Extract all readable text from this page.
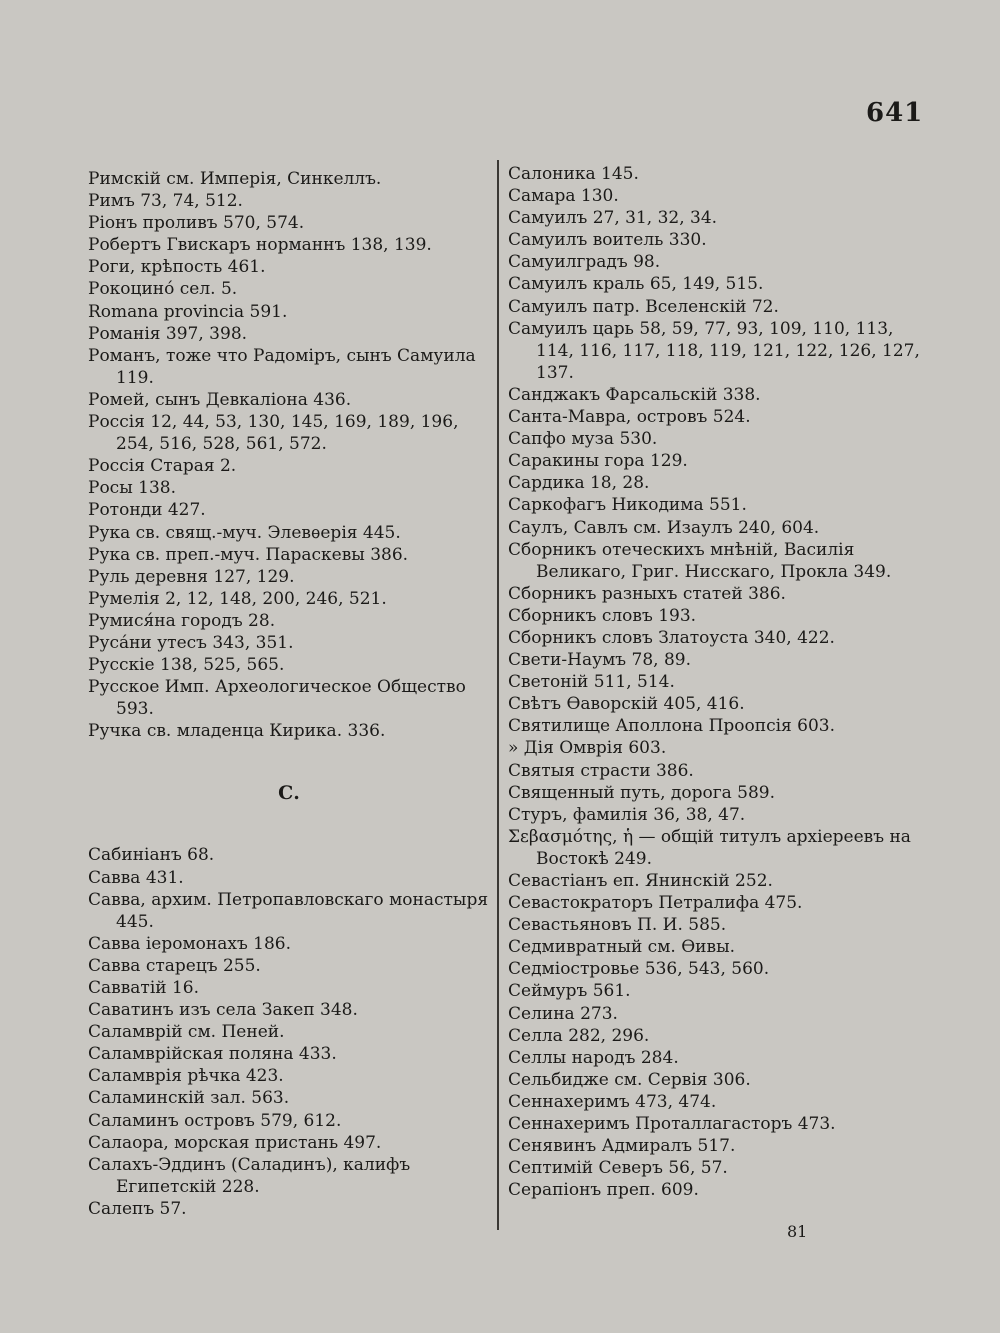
641

Римскій см. Имперія, Синкеллъ.

Римъ 73, 74, 512.

Ріонъ проливъ 570, 574.

Робертъ Гвискаръ норманнъ 138, 139.

Роги, крѣпость 461.

Рокоцино́ сел. 5.

Romana provincia 591.

Романія 397, 398.

Романъ, тоже что Радоміръ, сынъ Самуила 119.

Ромей, сынъ Девкаліона 436.

Россія 12, 44, 53, 130, 145, 169, 189, 196, 254, 516, 528, 561, 572.

Россія Старая 2.

Росы 138.

Ротонди 427.

Рука св. свящ.-муч. Элевѳерія 445.

Рука св. преп.-муч. Параскевы 386.

Руль деревня 127, 129.

Румелія 2, 12, 148, 200, 246, 521.

Румися́на городъ 28.

Руса́ни утесъ 343, 351.

Русскіе 138, 525, 565.

Русское Имп. Археологическое Общество 593.

Ручка св. младенца Кирика. 336.

С.

Сабиніанъ 68.

Савва 431.

Савва, архим. Петропавловскаго монастыря 445.

Савва іеромонахъ 186.

Савва старецъ 255.

Савватій 16.

Саватинъ изъ села Закеп 348.

Саламврій см. Пеней.

Саламврійская поляна 433.

Саламврія рѣчка 423.

Саламинскій зал. 563.

Саламинъ островъ 579, 612.

Салаора, морская пристань 497.

Салахъ-Эддинъ (Саладинъ), калифъ Египетскій 228.

Салепъ 57.

Салоника 145.

Самара 130.

Самуилъ 27, 31, 32, 34.

Самуилъ воитель 330.

Самуилградъ 98.

Самуилъ краль 65, 149, 515.

Самуилъ патр. Вселенскій 72.

Самуилъ царь 58, 59, 77, 93, 109, 110, 113, 114, 116, 117, 118, 119, 121, 122, 126, 127, 137.

Санджакъ Фарсальскій 338.

Санта-Мавра, островъ 524.

Сапфо муза 530.

Саракины гора 129.

Сардика 18, 28.

Саркофагъ Никодима 551.

Саулъ, Савлъ см. Изаулъ 240, 604.

Сборникъ отеческихъ мнѣній, Василія Великаго, Григ. Нисскаго, Прокла 349.

Сборникъ разныхъ статей 386.

Сборникъ словъ 193.

Сборникъ словъ Златоуста 340, 422.

Свети-Наумъ 78, 89.

Светоній 511, 514.

Свѣтъ Ѳаворскій 405, 416.

Святилище Аполлона Проопсія 603.

» Дія Омврія 603.

Святыя страсти 386.

Священный путь, дорога 589.

Стуръ, фамилія 36, 38, 47.

Σεβασμότης, ἡ — общій титулъ архіереевъ на Востокѣ 249.

Севастіанъ еп. Янинскій 252.

Севастократоръ Петралифа 475.

Севастьяновъ П. И. 585.

Седмивратный см. Ѳивы.

Седміостровье 536, 543, 560.

Сеймуръ 561.

Селина 273.

Селла 282, 296.

Селлы народъ 284.

Сельбидже см. Сервія 306.

Сеннахеримъ 473, 474.

Сеннахеримъ Проталлагасторъ 473.

Сенявинъ Адмиралъ 517.

Септимій Северъ 56, 57.

Серапіонъ преп. 609.

81
